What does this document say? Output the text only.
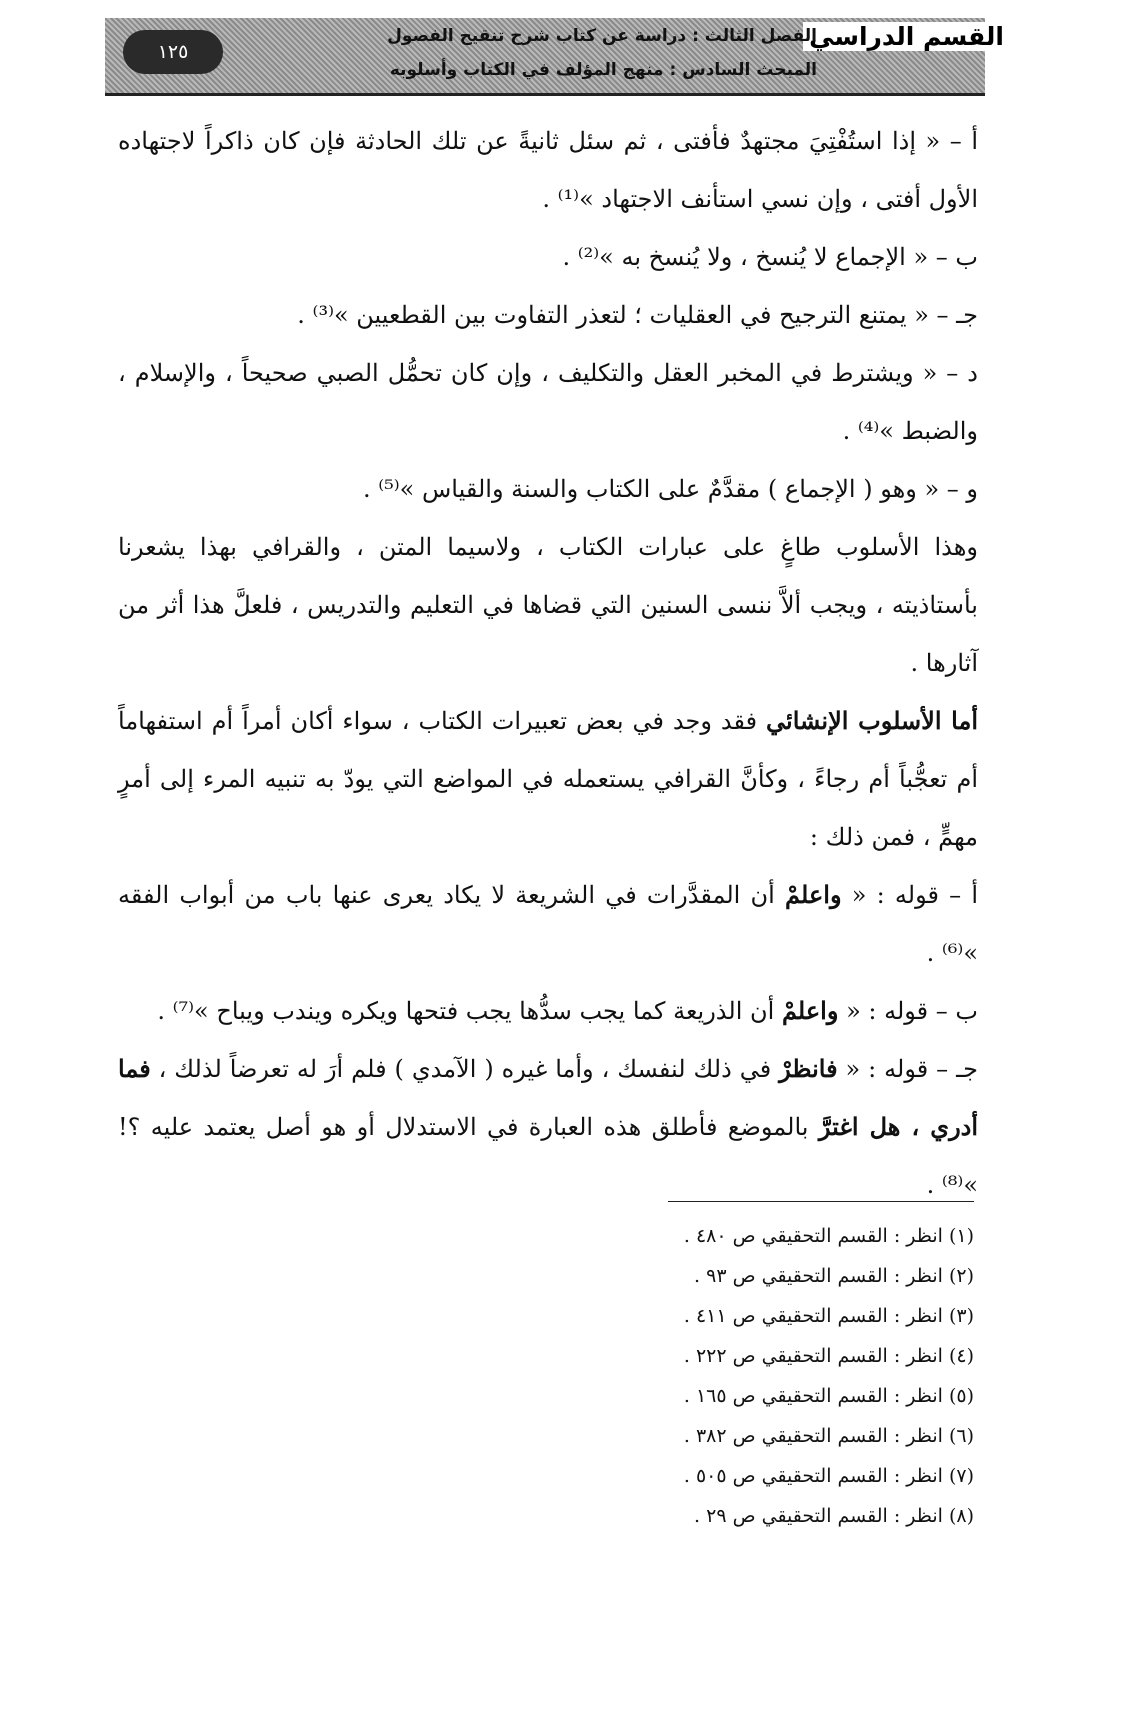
القسم الدراسي
الفصل الثالث : دراسة عن كتاب شرح تنقيح الفصول
المبحث السادس : منهج المؤلف في الكتاب وأسلوبه
١٢٥

أ – « إذا استُفْتِيَ مجتهدٌ فأفتى ، ثم سئل ثانيةً عن تلك الحادثة فإن كان ذاكراً لاجتهاده الأول أفتى ، وإن نسي استأنف الاجتهاد »⁽¹⁾ .

ب – « الإجماع لا يُنسخ ، ولا يُنسخ به »⁽²⁾ .

جـ – « يمتنع الترجيح في العقليات ؛ لتعذر التفاوت بين القطعيين »⁽³⁾ .

د – « ويشترط في المخبر العقل والتكليف ، وإن كان تحمُّل الصبي صحيحاً ، والإسلام ، والضبط »⁽⁴⁾ .

و – « وهو ( الإجماع ) مقدَّمٌ على الكتاب والسنة والقياس »⁽⁵⁾ .

وهذا الأسلوب طاغٍ على عبارات الكتاب ، ولاسيما المتن ، والقرافي بهذا يشعرنا بأستاذيته ، ويجب ألاَّ ننسى السنين التي قضاها في التعليم والتدريس ، فلعلَّ هذا أثر من آثارها .

أما الأسلوب الإنشائي فقد وجد في بعض تعبيرات الكتاب ، سواء أكان أمراً أم استفهاماً أم تعجُّباً أم رجاءً ، وكأنَّ القرافي يستعمله في المواضع التي يودّ به تنبيه المرء إلى أمرٍ مهمٍّ ، فمن ذلك :

أ – قوله : « واعلمْ أن المقدَّرات في الشريعة لا يكاد يعرى عنها باب من أبواب الفقه »⁽⁶⁾ .

ب – قوله : « واعلمْ أن الذريعة كما يجب سدُّها يجب فتحها ويكره ويندب ويباح »⁽⁷⁾ .

جـ – قوله : « فانظرْ في ذلك لنفسك ، وأما غيره ( الآمدي ) فلم أرَ له تعرضاً لذلك ، فما أدري ، هل اغترَّ بالموضع فأطلق هذه العبارة في الاستدلال أو هو أصل يعتمد عليه ؟! »⁽⁸⁾ .

(١) انظر : القسم التحقيقي ص ٤٨٠ .
(٢) انظر : القسم التحقيقي ص ٩٣ .
(٣) انظر : القسم التحقيقي ص ٤١١ .
(٤) انظر : القسم التحقيقي ص ٢٢٢ .
(٥) انظر : القسم التحقيقي ص ١٦٥ .
(٦) انظر : القسم التحقيقي ص ٣٨٢ .
(٧) انظر : القسم التحقيقي ص ٥٠٥ .
(٨) انظر : القسم التحقيقي ص ٢٩ .
